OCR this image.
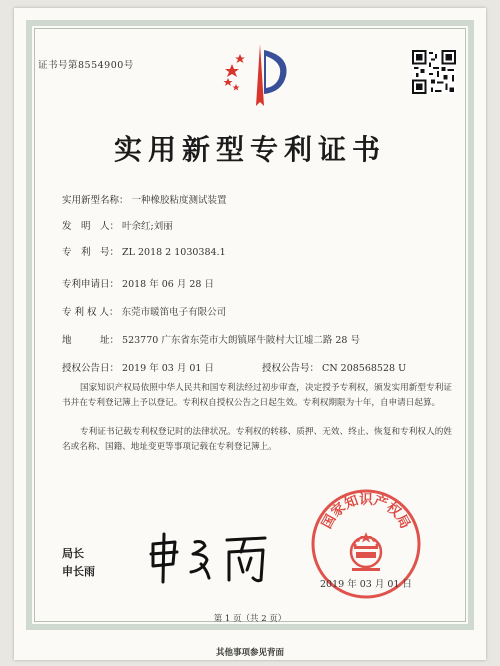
证书号第8554900号
实用新型专利证书
实用新型名称： 一种橡胶粘度测试装置
发　明　人： 叶余红;刘丽
专　利　号： ZL 2018 2 1030384.1
专利申请日： 2018 年 06 月 28 日
专 利 权 人： 东莞市暖笛电子有限公司
地　　　址： 523770 广东省东莞市大朗镇犀牛陂村大讧墟二路 28 号
授权公告日： 2019 年 03 月 01 日	授权公告号： CN 208568528 U
国家知识产权局依照中华人民共和国专利法经过初步审查，决定授予专利权，颁发实用新型专利证书并在专利登记簿上予以登记。专利权自授权公告之日起生效。专利权期限为十年，自申请日起算。
专利证书记载专利权登记时的法律状况。专利权的转移、质押、无效、终止、恢复和专利权人的姓名或名称、国籍、地址变更等事项记载在专利登记簿上。
局长
申长雨
国家知识产权局
2019 年 03 月 01 日
第 1 页（共 2 页）
其他事项参见背面
